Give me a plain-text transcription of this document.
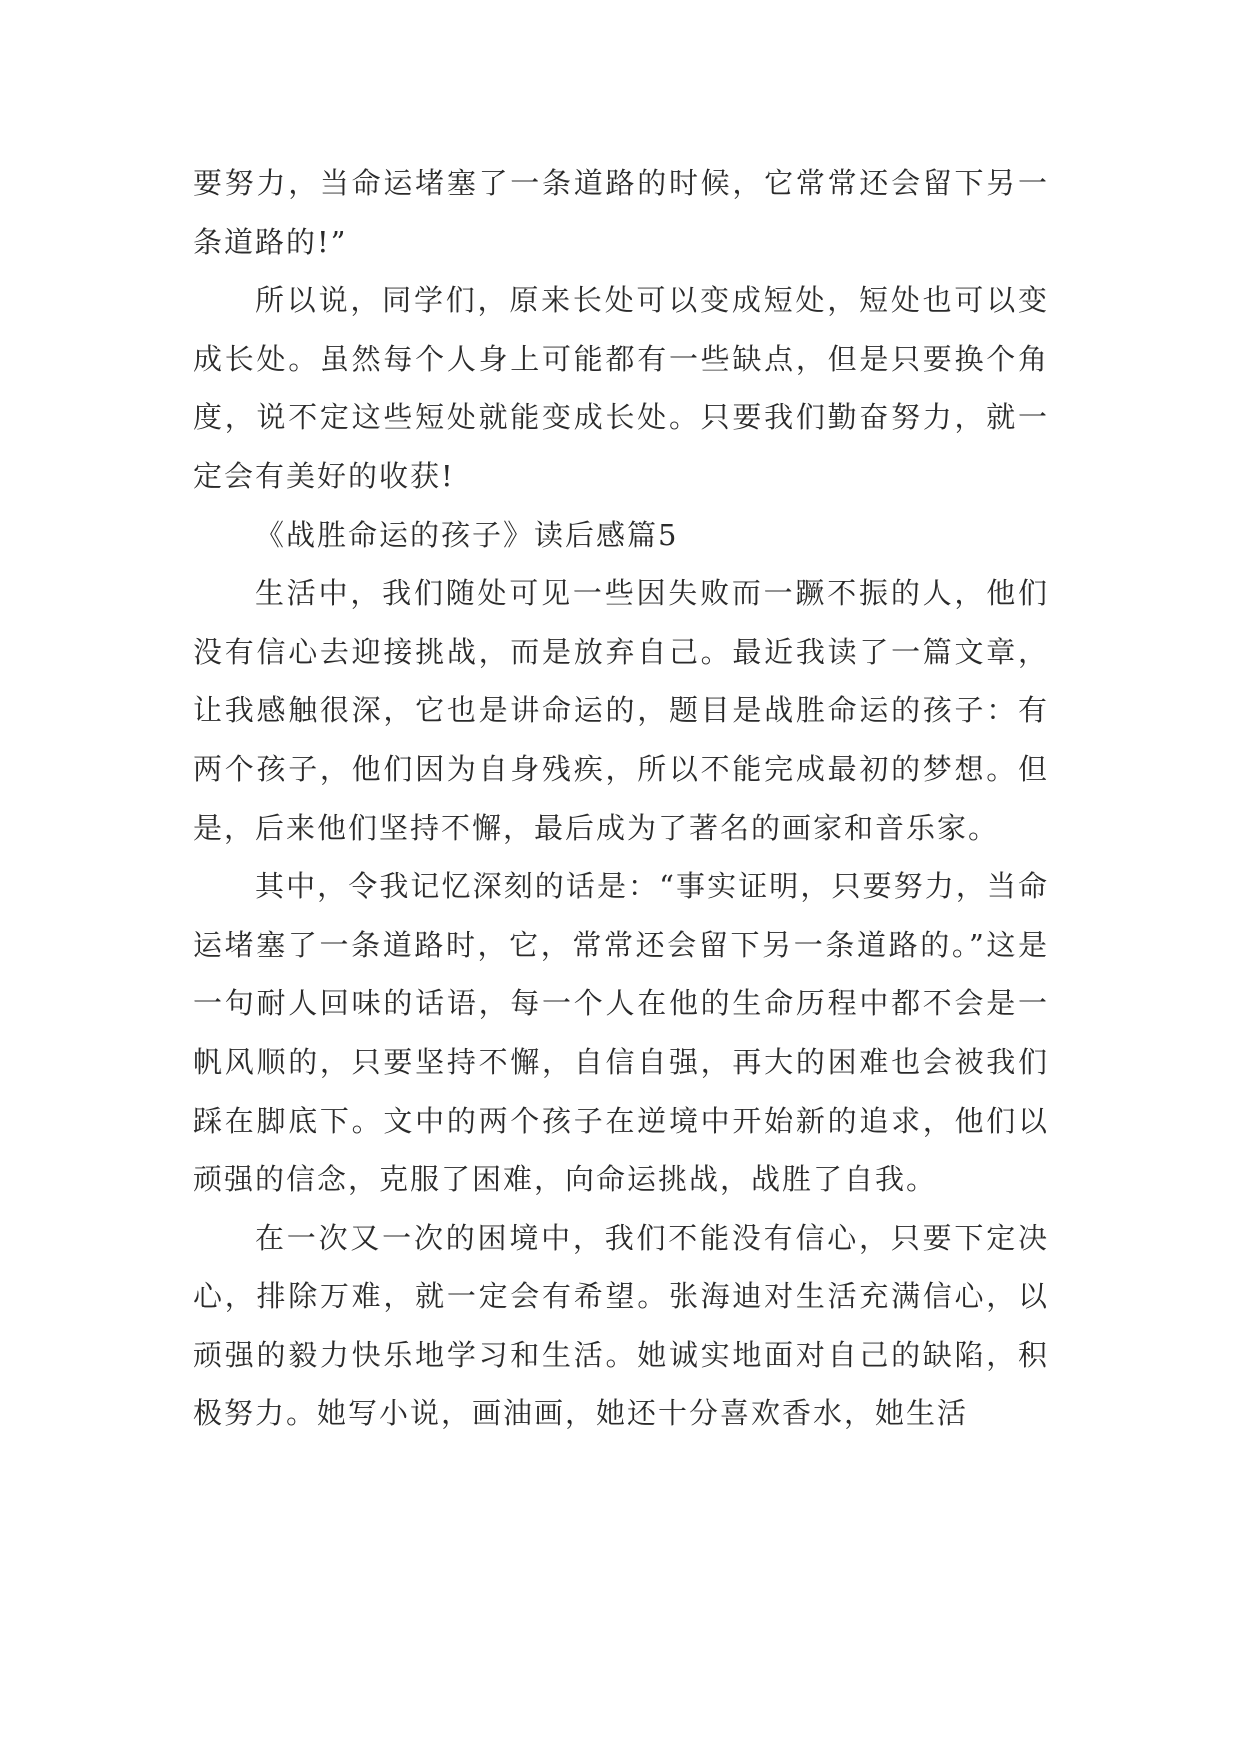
要努力，当命运堵塞了一条道路的时候，它常常还会留下另一条道路的!”

所以说，同学们，原来长处可以变成短处，短处也可以变成长处。虽然每个人身上可能都有一些缺点，但是只要换个角度，说不定这些短处就能变成长处。只要我们勤奋努力，就一定会有美好的收获!

《战胜命运的孩子》读后感篇5

生活中，我们随处可见一些因失败而一蹶不振的人，他们没有信心去迎接挑战，而是放弃自己。最近我读了一篇文章，让我感触很深，它也是讲命运的，题目是战胜命运的孩子：有两个孩子，他们因为自身残疾，所以不能完成最初的梦想。但是，后来他们坚持不懈，最后成为了著名的画家和音乐家。

其中，令我记忆深刻的话是：“事实证明，只要努力，当命运堵塞了一条道路时，它，常常还会留下另一条道路的。”这是一句耐人回味的话语，每一个人在他的生命历程中都不会是一帆风顺的，只要坚持不懈，自信自强，再大的困难也会被我们踩在脚底下。文中的两个孩子在逆境中开始新的追求，他们以顽强的信念，克服了困难，向命运挑战，战胜了自我。

在一次又一次的困境中，我们不能没有信心，只要下定决心，排除万难，就一定会有希望。张海迪对生活充满信心，以顽强的毅力快乐地学习和生活。她诚实地面对自己的缺陷，积极努力。她写小说，画油画，她还十分喜欢香水，她生活
